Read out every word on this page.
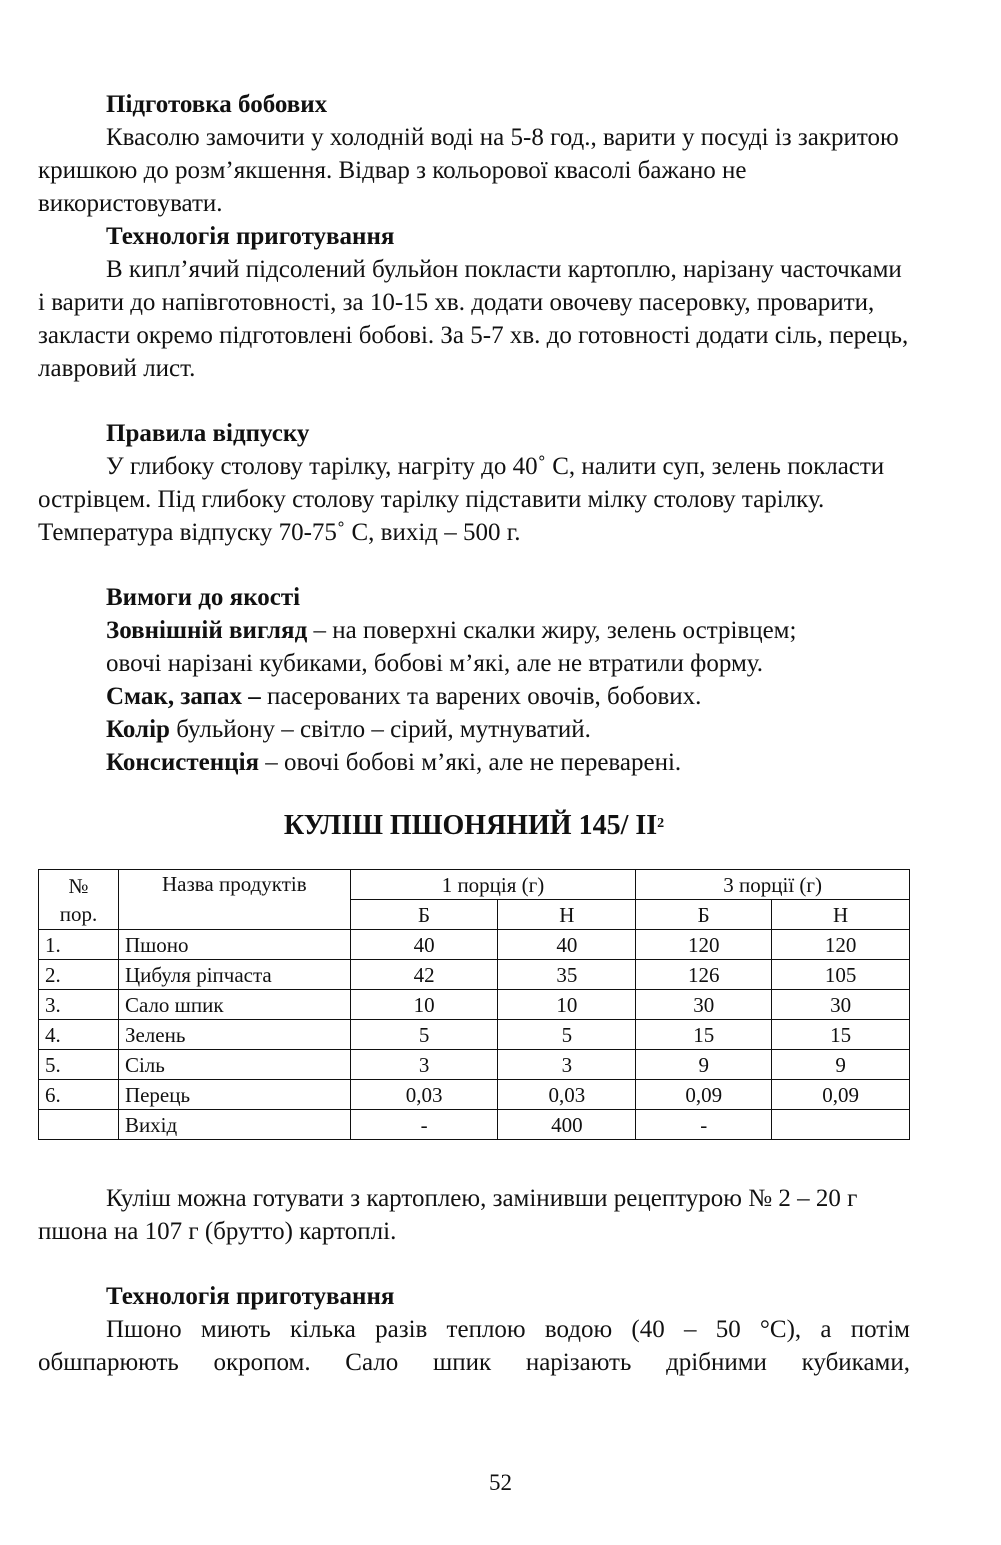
Підготовка бобових

Квасолю замочити у холодній воді на 5-8 год., варити у посуді із закритою кришкою до розм’якшення. Відвар з кольорової квасолі бажано не використовувати.

Технологія приготування

В кипл’ячий підсолений бульйон покласти картоплю, нарізану часточками і варити до напівготовності, за 10-15 хв. додати овочеву пасеровку, проварити, закласти окремо підготовлені бобові. За 5-7 хв. до готовності додати сіль, перець, лавровий лист.

Правила відпуску

У глибоку столову тарілку, нагріту до 40˚ С, налити суп, зелень покласти острівцем. Під глибоку столову тарілку підставити мілку столову тарілку. Температура відпуску 70-75˚ С, вихід – 500 г.

Вимоги до якості

Зовнішній вигляд – на поверхні скалки жиру, зелень острівцем;

овочі нарізані кубиками, бобові м’які, але не втратили форму.

Смак, запах – пасерованих та варених овочів, бобових.

Колір бульйону – світло – сірий, мутнуватий.

Консистенція – овочі бобові м’які, але не переварені.

КУЛІШ ПШОНЯНИЙ 145/ $II^2$

№
пор.	Назва продуктів	1 порція (г)		3 порції (г)	
		Б	Н	Б	Н
1.	Пшоно	40	40	120	120
2.	Цибуля ріпчаста	42	35	126	105
3.	Сало шпик	10	10	30	30
4.	Зелень	5	5	15	15
5.	Сіль	3	3	9	9
6.	Перець	0,03	0,03	0,09	0,09
	Вихід	-	400	-	

Куліш можна готувати з картоплею, замінивши рецептурою № 2 – 20 г пшона на 107 г (брутто) картоплі.

Технологія приготування

Пшоно миють кілька разів теплою водою (40 – 50 °С), а потім обшпарюють окропом. Сало шпик нарізають дрібними кубиками,

52
